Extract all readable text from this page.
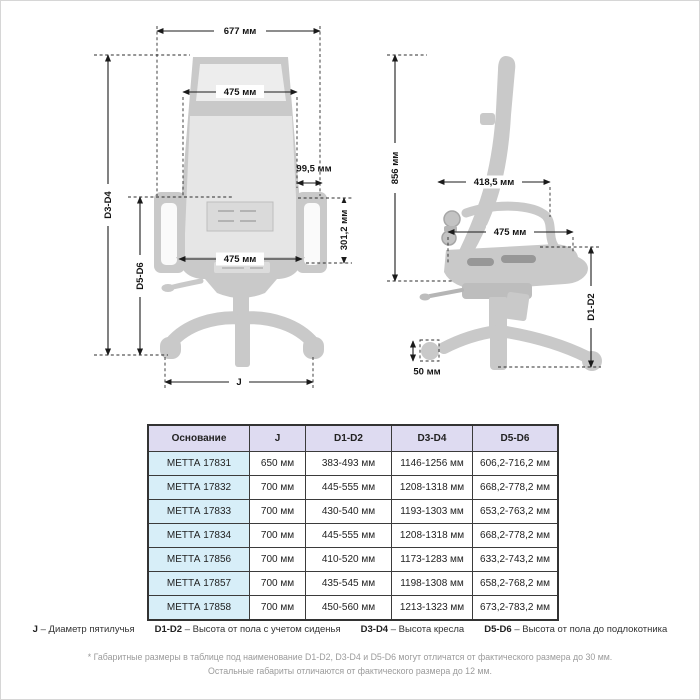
677 мм
475 мм
99,5 мм
301,2 мм
475 мм
D3-D4
D5-D6
J
856 мм	418,5 мм
475 мм
D1-D2
50 мм
Основание	J	D1-D2	D3-D4	D5-D6
МЕТТА 17831	650 мм	383-493 мм	1146-1256 мм	606,2-716,2 мм
МЕТТА 17832	700 мм	445-555 мм	1208-1318 мм	668,2-778,2 мм
МЕТТА 17833	700 мм	430-540 мм	1193-1303 мм	653,2-763,2 мм
МЕТТА 17834	700 мм	445-555 мм	1208-1318 мм	668,2-778,2 мм
МЕТТА 17856	700 мм	410-520 мм	1173-1283 мм	633,2-743,2 мм
МЕТТА 17857	700 мм	435-545 мм	1198-1308 мм	658,2-768,2 мм
МЕТТА 17858	700 мм	450-560 мм	1213-1323 мм	673,2-783,2 мм
J – Диаметр пятилучья D1-D2 – Высота от пола с учетом сиденья D3-D4 – Высота кресла D5-D6 – Высота от пола до подлокотника
* Габаритные размеры в таблице под наименование D1-D2, D3-D4 и D5-D6 могут отличатся от фактического размера до 30 мм.
Остальные габариты отличаются от фактического размера до 12 мм.
